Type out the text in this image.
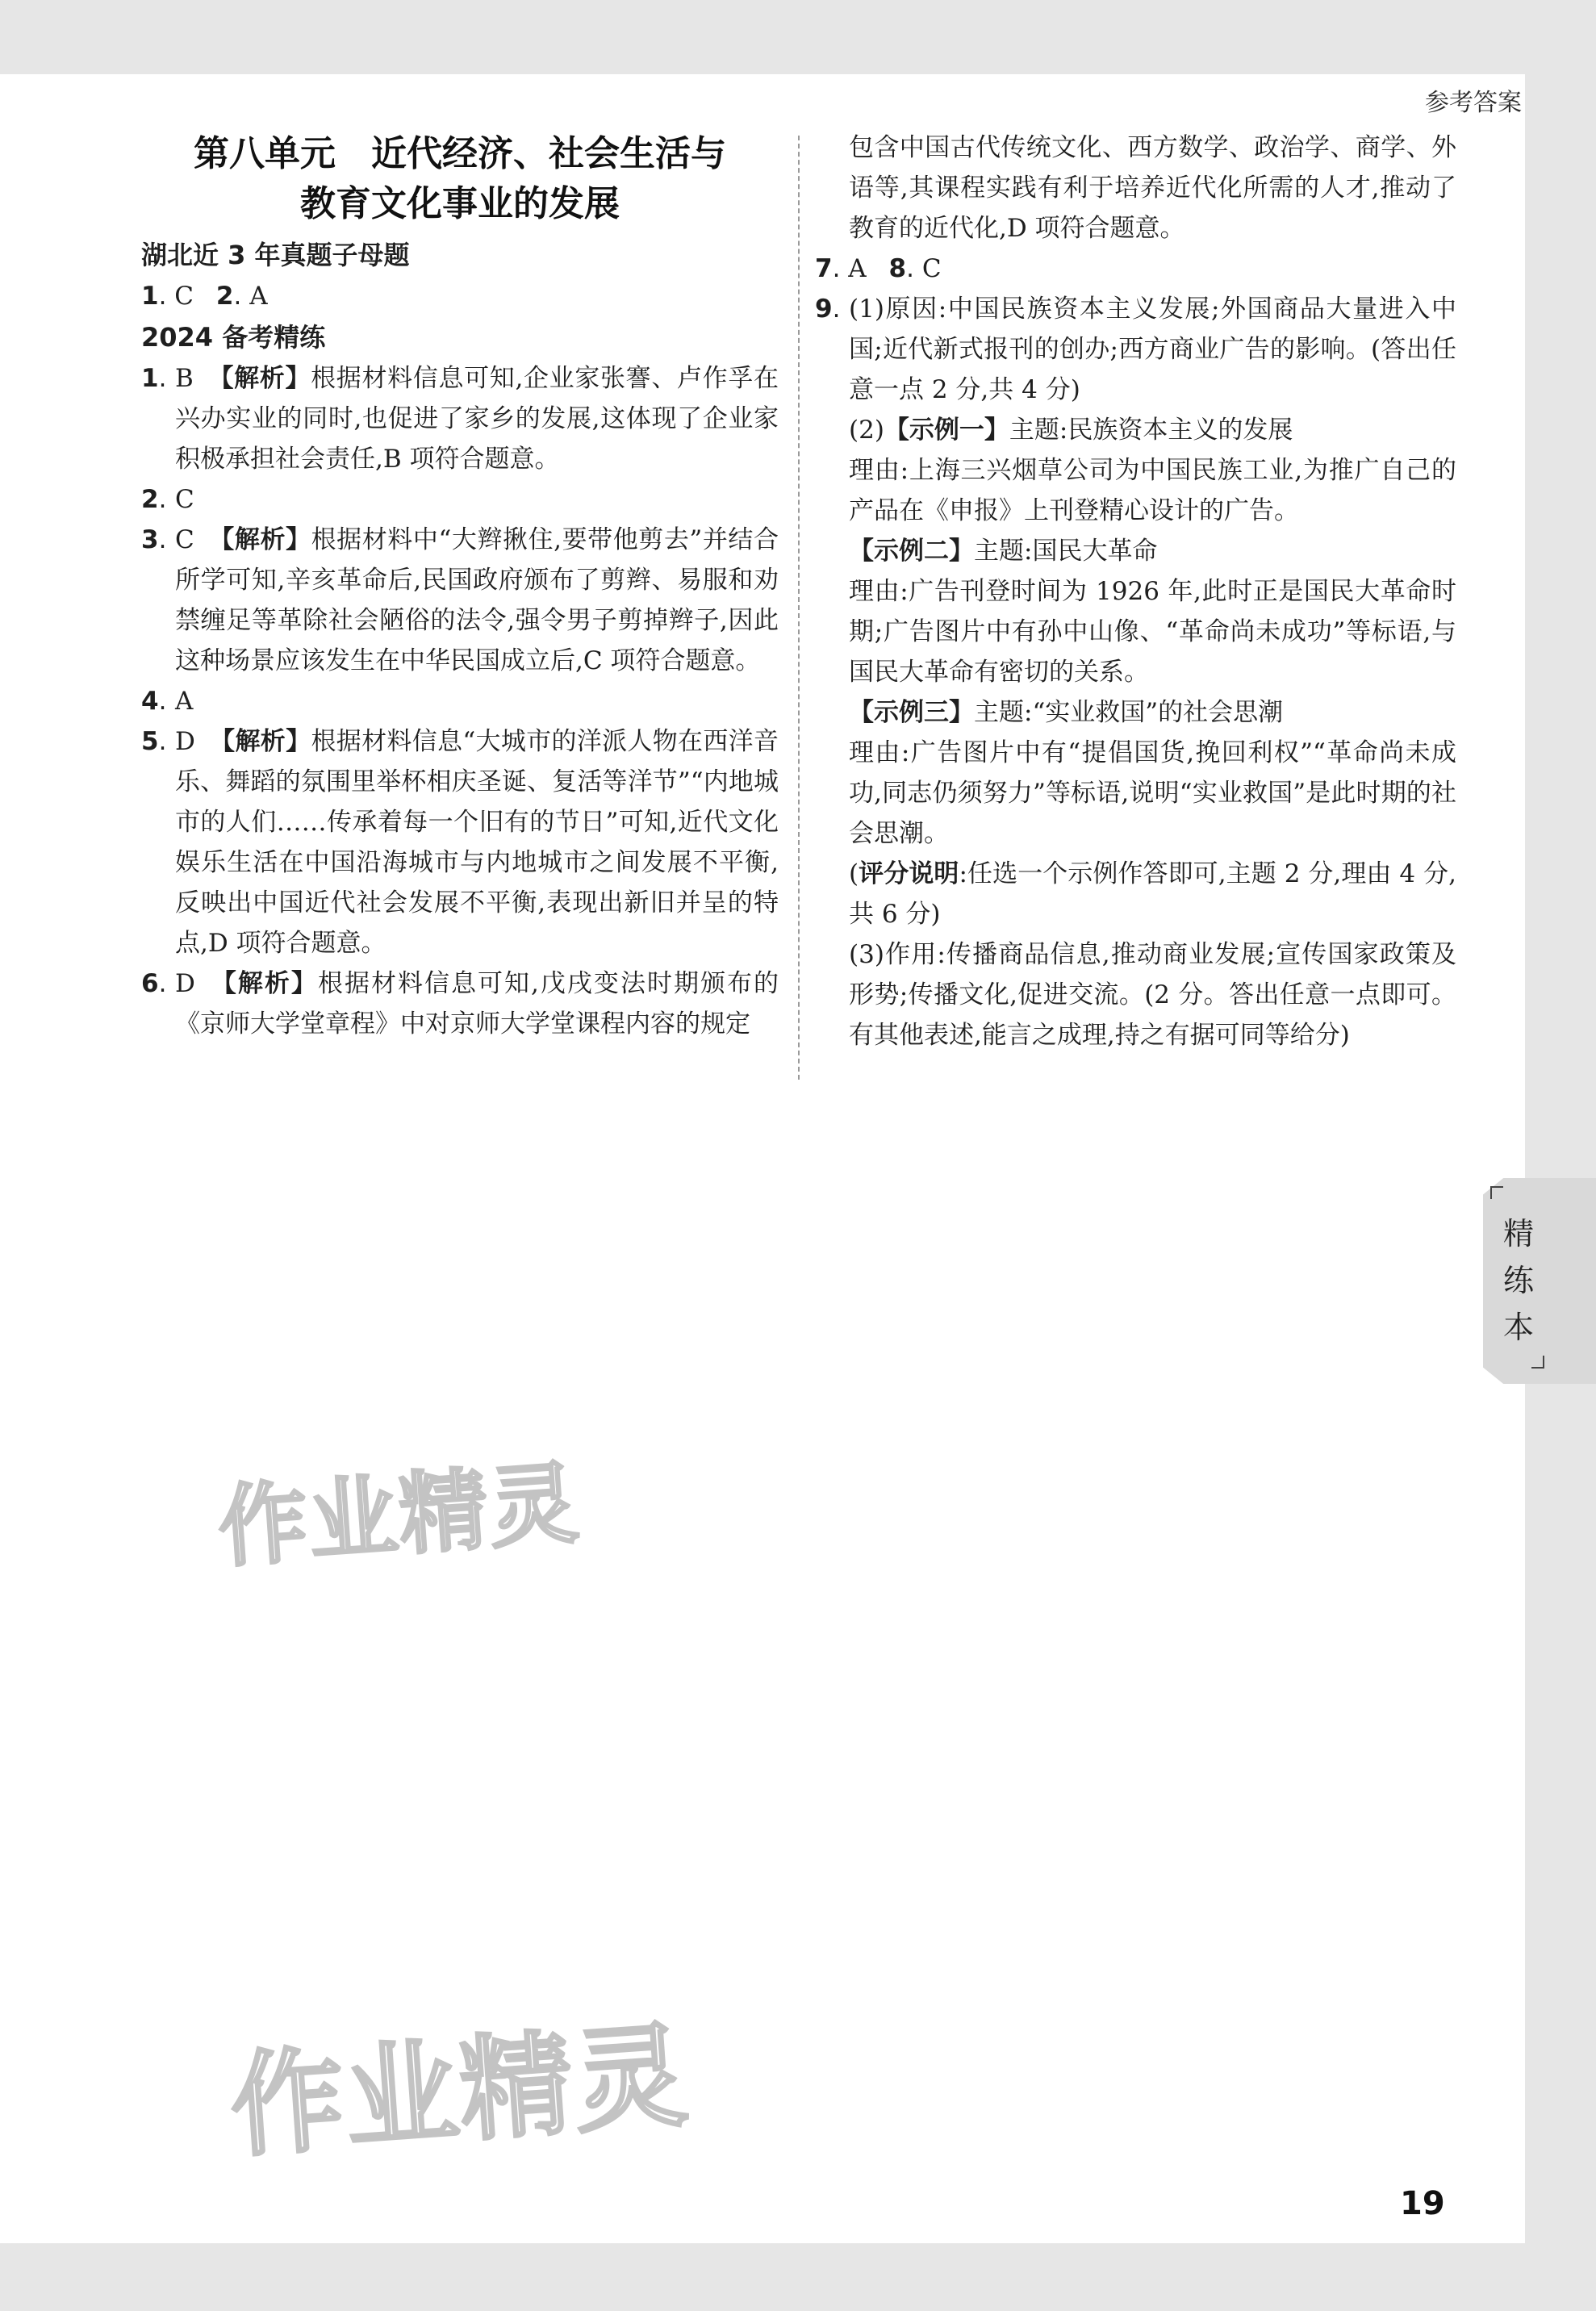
参考答案
第八单元　近代经济、社会生活与
教育文化事业的发展
湖北近 3 年真题子母题
1. C 2. A
2024 备考精练
1. B 【解析】根据材料信息可知,企业家张謇、卢作孚在兴办实业的同时,也促进了家乡的发展,这体现了企业家积极承担社会责任,B 项符合题意。
2. C
3. C 【解析】根据材料中“大辫揪住,要带他剪去”并结合所学可知,辛亥革命后,民国政府颁布了剪辫、易服和劝禁缠足等革除社会陋俗的法令,强令男子剪掉辫子,因此这种场景应该发生在中华民国成立后,C 项符合题意。
4. A
5. D 【解析】根据材料信息“大城市的洋派人物在西洋音乐、舞蹈的氛围里举杯相庆圣诞、复活等洋节”“内地城市的人们……传承着每一个旧有的节日”可知,近代文化娱乐生活在中国沿海城市与内地城市之间发展不平衡,反映出中国近代社会发展不平衡,表现出新旧并呈的特点,D 项符合题意。
6. D 【解析】根据材料信息可知,戊戌变法时期颁布的《京师大学堂章程》中对京师大学堂课程内容的规定

包含中国古代传统文化、西方数学、政治学、商学、外语等,其课程实践有利于培养近代化所需的人才,推动了教育的近代化,D 项符合题意。

7. A 8. C
9. (1)原因:中国民族资本主义发展;外国商品大量进入中国;近代新式报刊的创办;西方商业广告的影响。(答出任意一点 2 分,共 4 分)

(2)【示例一】主题:民族资本主义的发展

理由:上海三兴烟草公司为中国民族工业,为推广自己的产品在《申报》上刊登精心设计的广告。

【示例二】主题:国民大革命

理由:广告刊登时间为 1926 年,此时正是国民大革命时期;广告图片中有孙中山像、“革命尚未成功”等标语,与国民大革命有密切的关系。

【示例三】主题:“实业救国”的社会思潮

理由:广告图片中有“提倡国货,挽回利权”“革命尚未成功,同志仍须努力”等标语,说明“实业救国”是此时期的社会思潮。

(评分说明:任选一个示例作答即可,主题 2 分,理由 4 分,共 6 分)

(3)作用:传播商品信息,推动商业发展;宣传国家政策及形势;传播文化,促进交流。(2 分。答出任意一点即可。有其他表述,能言之成理,持之有据可同等给分)

精
练
本
作业精灵
作业精灵
19
